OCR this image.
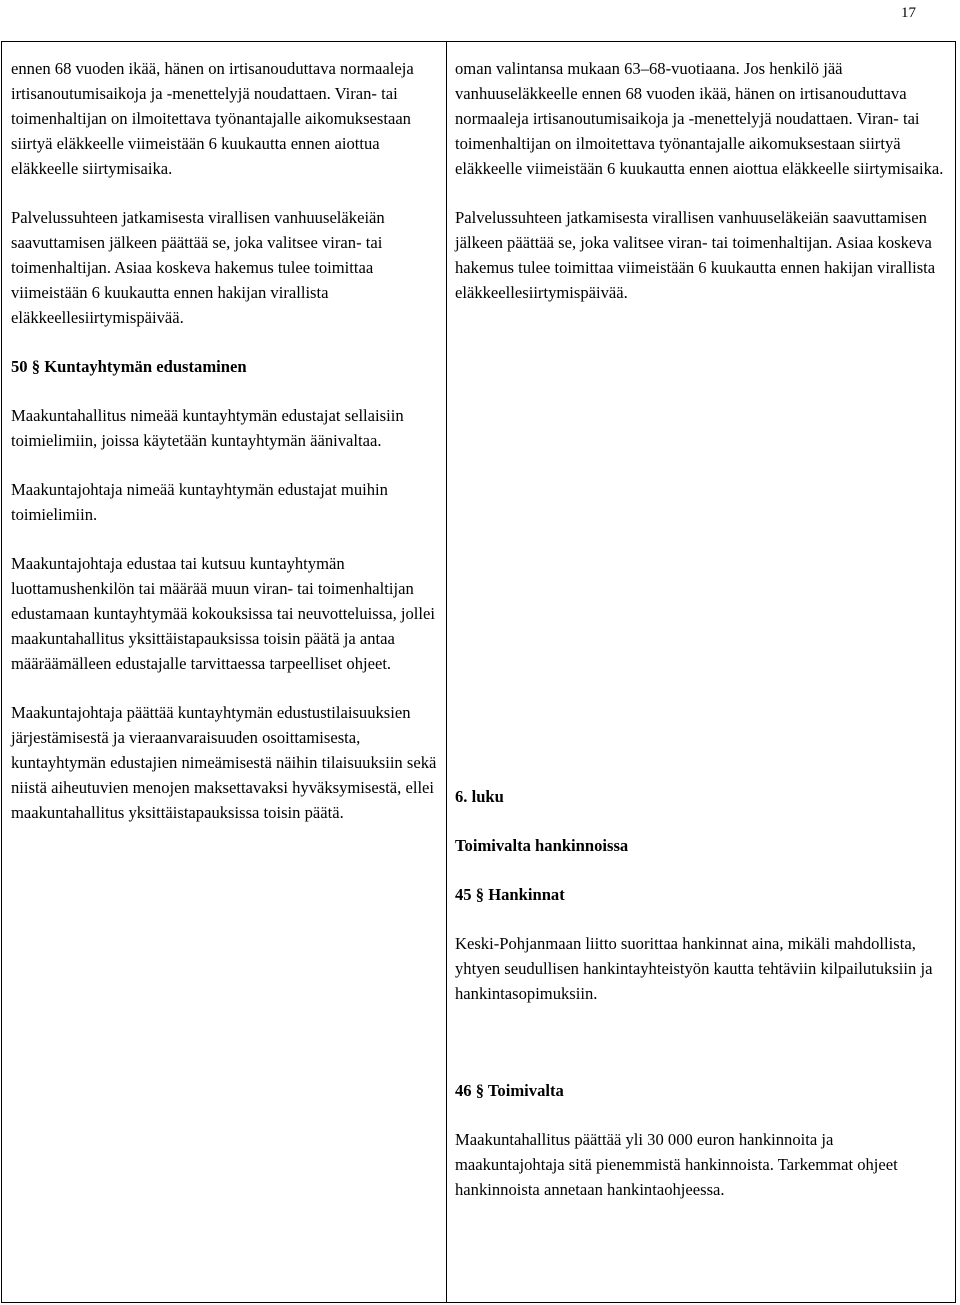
17

ennen 68 vuoden ikää, hänen on irtisanouduttava normaaleja irtisanoutumisaikoja ja -menettelyjä noudattaen. Viran- tai toimenhaltijan on ilmoitettava työnantajalle aikomuksestaan siirtyä eläkkeelle viimeistään 6 kuukautta ennen aiottua eläkkeelle siirtymisaika.

Palvelussuhteen jatkamisesta virallisen vanhuuseläkeiän saavuttamisen jälkeen päättää se, joka valitsee viran- tai toimenhaltijan. Asiaa koskeva hakemus tulee toimittaa viimeistään 6 kuukautta ennen hakijan virallista eläkkeellesiirtymispäivää.

50 § Kuntayhtymän edustaminen

Maakuntahallitus nimeää kuntayhtymän edustajat sellaisiin toimielimiin, joissa käytetään kuntayhtymän äänivaltaa.

Maakuntajohtaja nimeää kuntayhtymän edustajat muihin toimielimiin.

Maakuntajohtaja edustaa tai kutsuu kuntayhtymän luottamushenkilön tai määrää muun viran- tai toimenhaltijan edustamaan kuntayhtymää kokouksissa tai neuvotteluissa, jollei maakuntahallitus yksittäistapauksissa toisin päätä ja antaa määräämälleen edustajalle tarvittaessa tarpeelliset ohjeet.

Maakuntajohtaja päättää kuntayhtymän edustustilaisuuksien järjestämisestä ja vieraanvaraisuuden osoittamisesta, kuntayhtymän edustajien nimeämisestä näihin tilaisuuksiin sekä niistä aiheutuvien menojen maksettavaksi hyväksymisestä, ellei maakuntahallitus yksittäistapauksissa toisin päätä.

oman valintansa mukaan 63–68-vuotiaana. Jos henkilö jää vanhuuseläkkeelle ennen 68 vuoden ikää, hänen on irtisanouduttava normaaleja irtisanoutumisaikoja ja -menettelyjä noudattaen. Viran- tai toimenhaltijan on ilmoitettava työnantajalle aikomuksestaan siirtyä eläkkeelle viimeistään 6 kuukautta ennen aiottua eläkkeelle siirtymisaika.

Palvelussuhteen jatkamisesta virallisen vanhuuseläkeiän saavuttamisen jälkeen päättää se, joka valitsee viran- tai toimenhaltijan. Asiaa koskeva hakemus tulee toimittaa viimeistään 6 kuukautta ennen hakijan virallista eläkkeellesiirtymispäivää.

6. luku
Toimivalta hankinnoissa
45 § Hankinnat

Keski-Pohjanmaan liitto suorittaa hankinnat aina, mikäli mahdollista, yhtyen seudullisen hankintayhteistyön kautta tehtäviin kilpailutuksiin ja hankintasopimuksiin.

46 § Toimivalta

Maakuntahallitus päättää yli 30 000 euron hankinnoita ja maakuntajohtaja sitä pienemmistä hankinnoista. Tarkemmat ohjeet hankinnoista annetaan hankintaohjeessa.
